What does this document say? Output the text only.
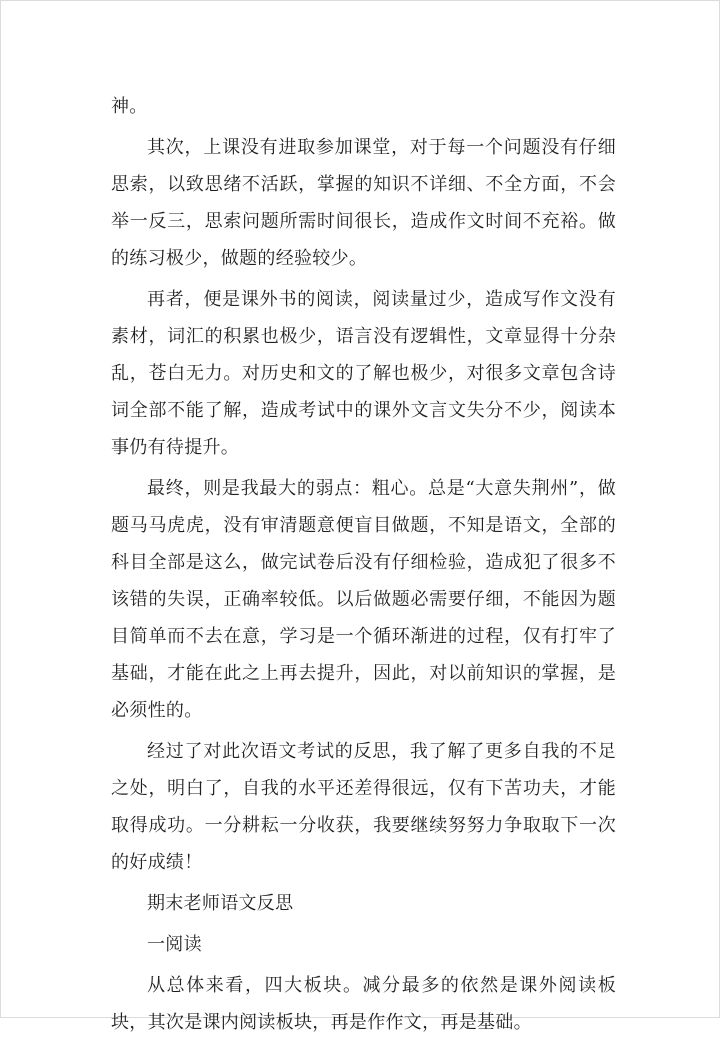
神。

其次，上课没有进取参加课堂，对于每一个问题没有仔细思索，以致思绪不活跃，掌握的知识不详细、不全方面，不会举一反三，思索问题所需时间很长，造成作文时间不充裕。做的练习极少，做题的经验较少。

再者，便是课外书的阅读，阅读量过少，造成写作文没有素材，词汇的积累也极少，语言没有逻辑性，文章显得十分杂乱，苍白无力。对历史和文的了解也极少，对很多文章包含诗词全部不能了解，造成考试中的课外文言文失分不少，阅读本事仍有待提升。

最终，则是我最大的弱点：粗心。总是“大意失荆州”，做题马马虎虎，没有审清题意便盲目做题，不知是语文，全部的科目全部是这么，做完试卷后没有仔细检验，造成犯了很多不该错的失误，正确率较低。以后做题必需要仔细，不能因为题目简单而不去在意，学习是一个循环渐进的过程，仅有打牢了基础，才能在此之上再去提升，因此，对以前知识的掌握，是必须性的。

经过了对此次语文考试的反思，我了解了更多自我的不足之处，明白了，自我的水平还差得很远，仅有下苦功夫，才能取得成功。一分耕耘一分收获，我要继续努努力争取取下一次的好成绩！

期末老师语文反思

一阅读

从总体来看，四大板块。减分最多的依然是课外阅读板块，其次是课内阅读板块，再是作作文，再是基础。
